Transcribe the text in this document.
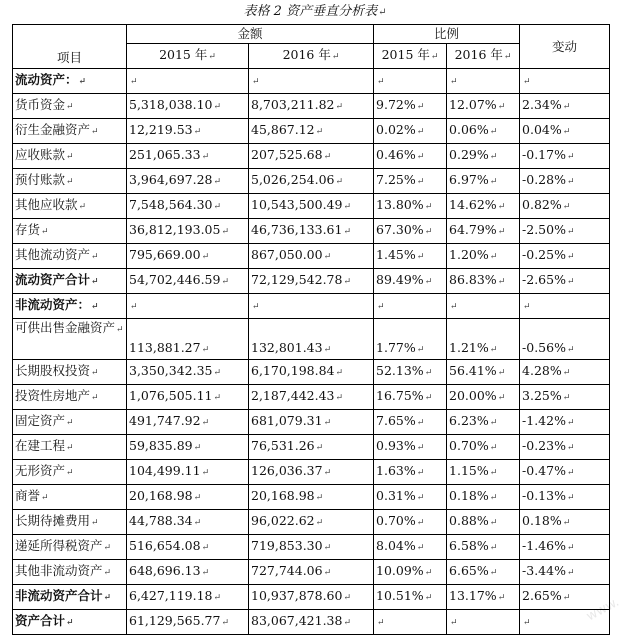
表格 2 资产垂直分析表↵
项目	金额		比例		变动
	2015 年↵	2016 年↵	2015 年↵	2016 年↵	
流动资产：↵	↵	↵	↵	↵	↵
货币资金↵	5,318,038.10↵	8,703,211.82↵	9.72%↵	12.07%↵	2.34%↵
衍生金融资产↵	12,219.53↵	45,867.12↵	0.02%↵	0.06%↵	0.04%↵
应收账款↵	251,065.33↵	207,525.68↵	0.46%↵	0.29%↵	-0.17%↵
预付账款↵	3,964,697.28↵	5,026,254.06↵	7.25%↵	6.97%↵	-0.28%↵
其他应收款↵	7,548,564.30↵	10,543,500.49↵	13.80%↵	14.62%↵	0.82%↵
存货↵	36,812,193.05↵	46,736,133.61↵	67.30%↵	64.79%↵	-2.50%↵
其他流动资产↵	795,669.00↵	867,050.00↵	1.45%↵	1.20%↵	-0.25%↵
流动资产合计↵	54,702,446.59↵	72,129,542.78↵	89.49%↵	86.83%↵	-2.65%↵
非流动资产：↵	↵	↵	↵	↵	↵
可供出售金融资产↵	113,881.27↵	132,801.43↵	1.77%↵	1.21%↵	-0.56%↵
长期股权投资↵	3,350,342.35↵	6,170,198.84↵	52.13%↵	56.41%↵	4.28%↵
投资性房地产↵	1,076,505.11↵	2,187,442.43↵	16.75%↵	20.00%↵	3.25%↵
固定资产↵	491,747.92↵	681,079.31↵	7.65%↵	6.23%↵	-1.42%↵
在建工程↵	59,835.89↵	76,531.26↵	0.93%↵	0.70%↵	-0.23%↵
无形资产↵	104,499.11↵	126,036.37↵	1.63%↵	1.15%↵	-0.47%↵
商誉↵	20,168.98↵	20,168.98↵	0.31%↵	0.18%↵	-0.13%↵
长期待摊费用↵	44,788.34↵	96,022.62↵	0.70%↵	0.88%↵	0.18%↵
递延所得税资产↵	516,654.08↵	719,853.30↵	8.04%↵	6.58%↵	-1.46%↵
其他非流动资产↵	648,696.13↵	727,744.06↵	10.09%↵	6.65%↵	-3.44%↵
非流动资产合计↵	6,427,119.18↵	10,937,878.60↵	10.51%↵	13.17%↵	2.65%↵
资产合计↵	61,129,565.77↵	83,067,421.38↵	↵	↵	↵	www.
